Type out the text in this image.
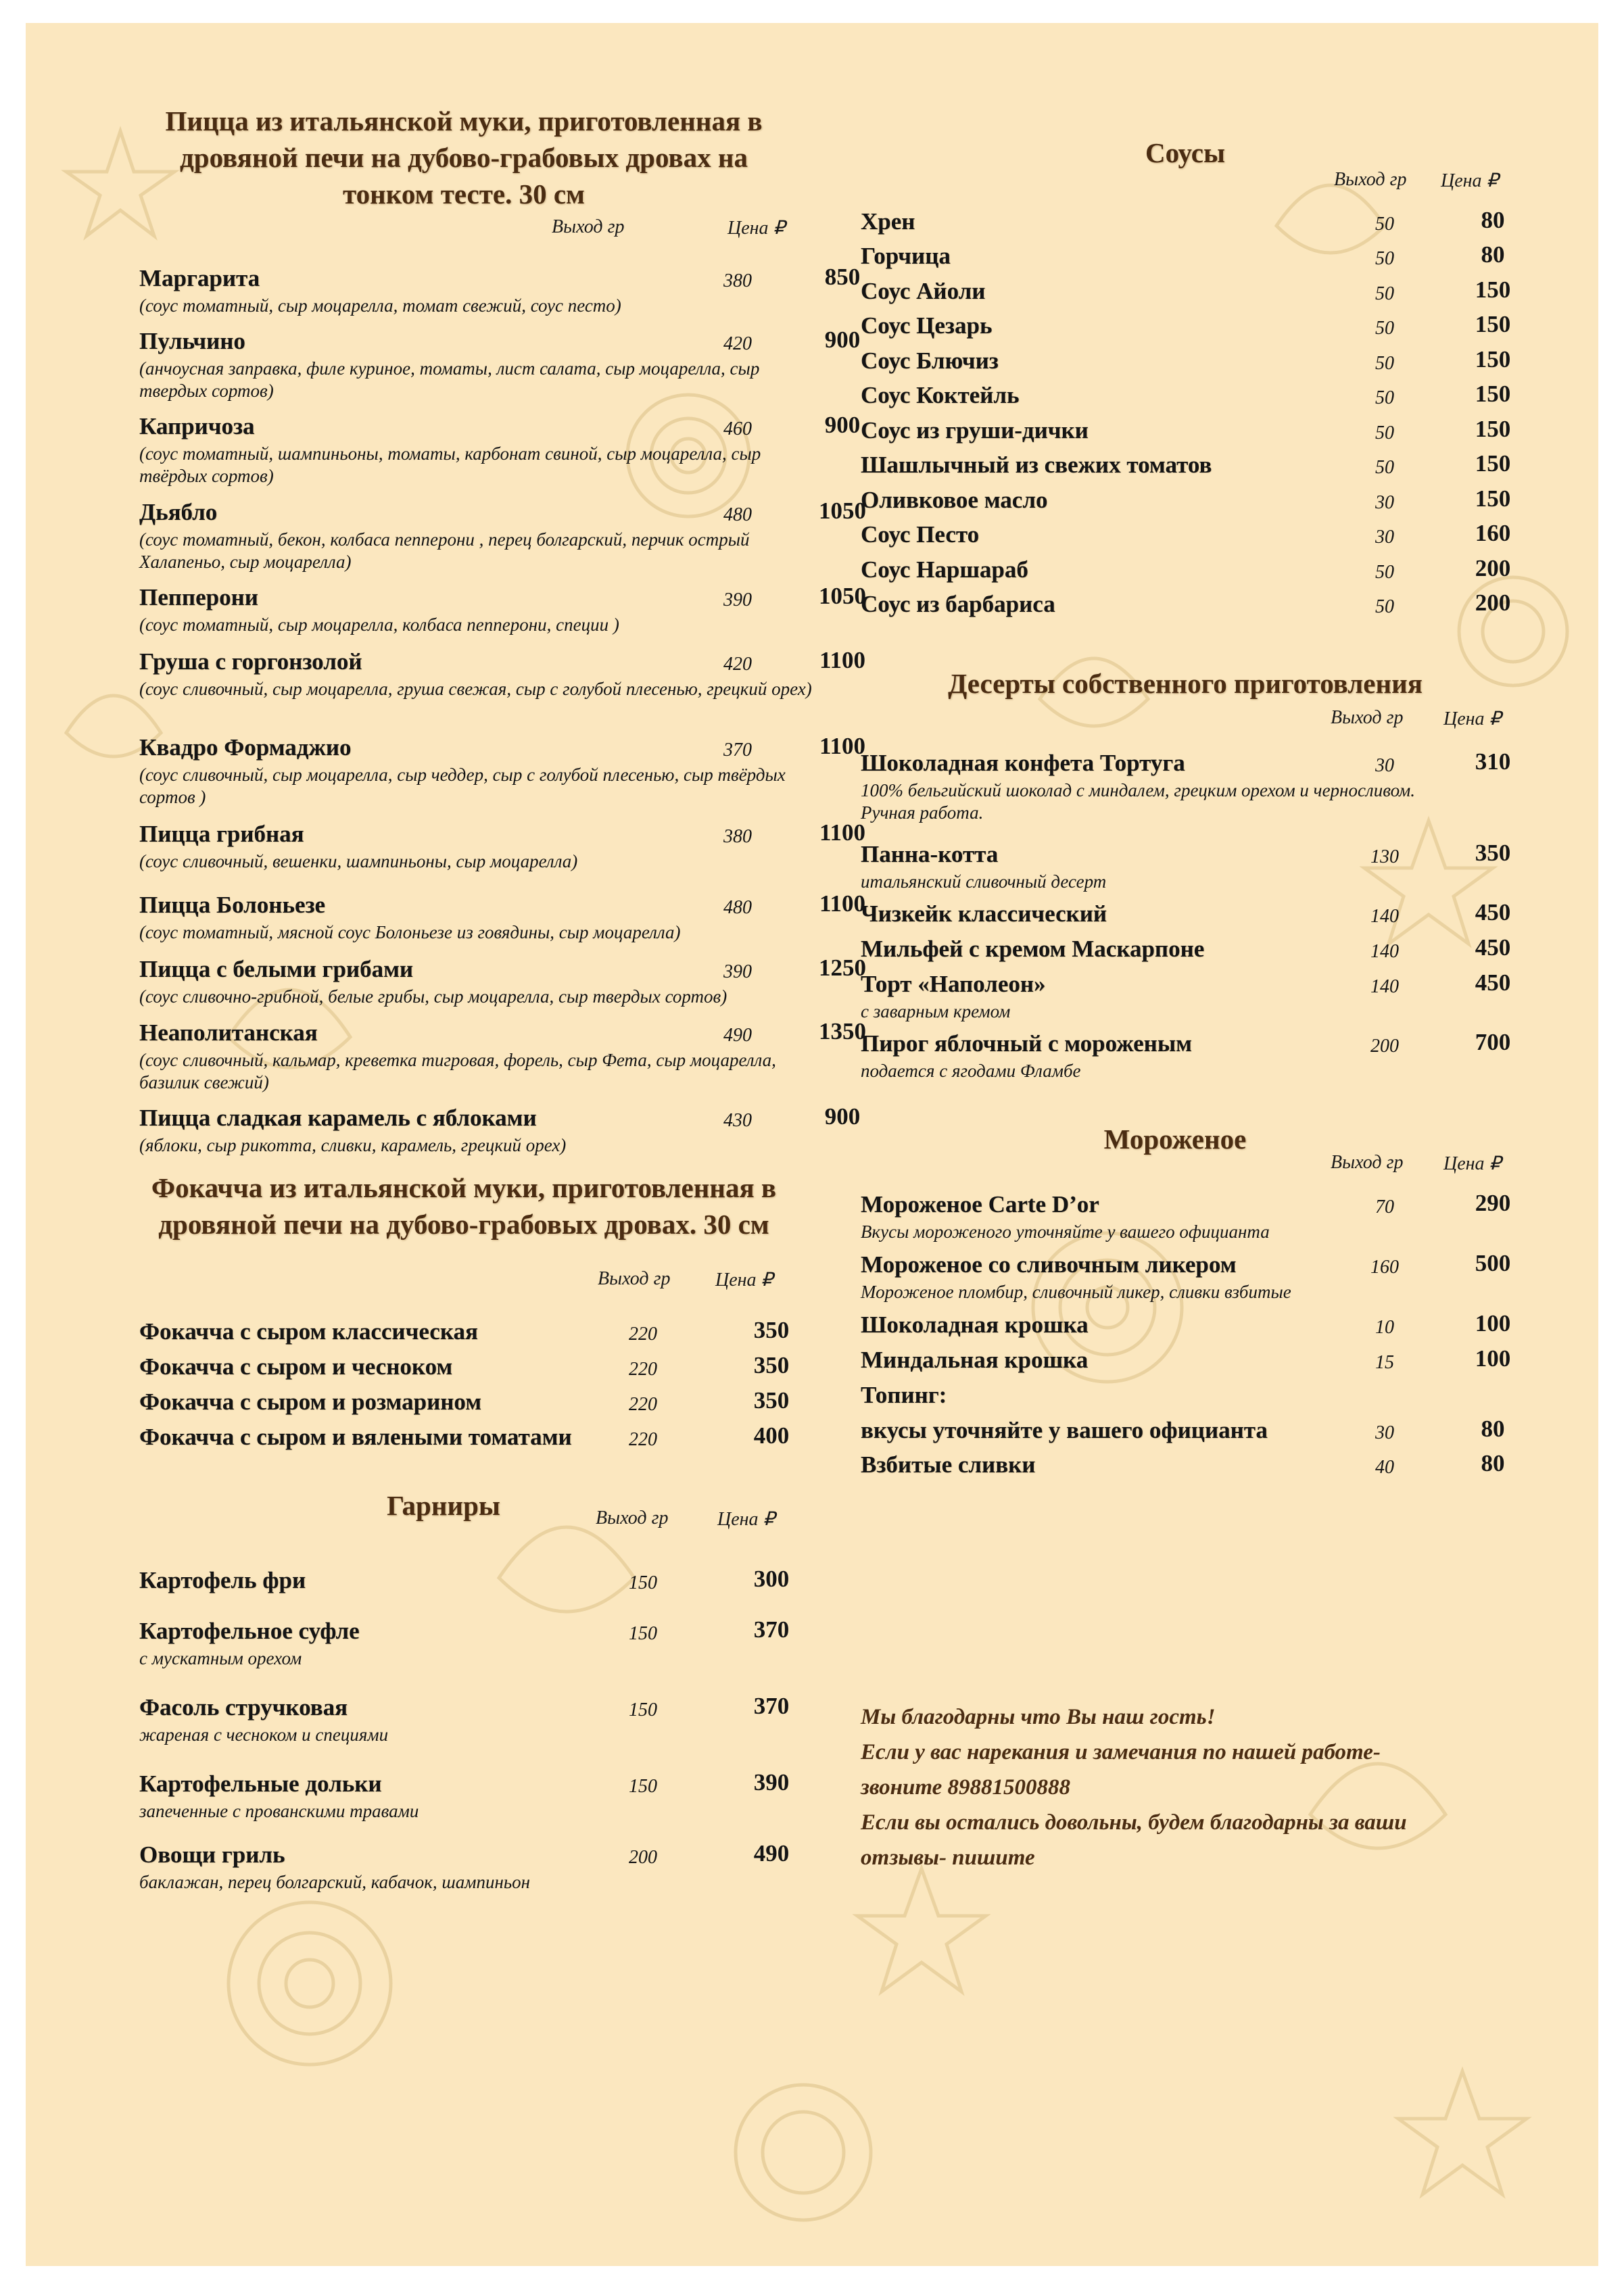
Пицца из итальянской муки, приготовленная в дровяной печи на дубово-грабовых дровах на тонком тесте. 30 см
Выход гр	Цена ₽
Маргарита
(соус томатный, сыр моцарелла, томат свежий, соус песто)
380	850
Пульчино
(анчоусная заправка, филе куриное, томаты, лист салата, сыр моцарелла, сыр твердых сортов)
420	900
Капричоза
(соус томатный, шампиньоны, томаты, карбонат свиной, сыр моцарелла, сыр твёрдых сортов)
460	900
Дьябло
(соус томатный, бекон, колбаса пепперони , перец болгарский, перчик острый Халапеньо, сыр моцарелла)
480	1050
Пепперони
(соус томатный, сыр моцарелла, колбаса пепперони, специи )
390	1050
Груша с горгонзолой
(соус сливочный, сыр моцарелла, груша свежая, сыр с голубой плесенью, грецкий орех)
420	1100
Квадро Формаджио
(соус сливочный, сыр моцарелла, сыр чеддер, сыр с голубой плесенью, сыр твёрдых сортов )
370	1100
Пицца грибная
(соус сливочный, вешенки, шампиньоны, сыр моцарелла)
380	1100
Пицца Болоньезе
(соус томатный, мясной соус Болоньезе из говядины, сыр моцарелла)
480	1100
Пицца с белыми грибами
(соус сливочно-грибной, белые грибы, сыр моцарелла, сыр твердых сортов)
390	1250
Неаполитанская
(соус сливочный, кальмар, креветка тигровая, форель, сыр Фета, сыр моцарелла, базилик свежий)
490	1350
Пицца сладкая карамель с яблоками
(яблоки, сыр рикотта, сливки, карамель, грецкий орех)
430	900
Фокачча из итальянской муки, приготовленная в дровяной печи на дубово-грабовых дровах. 30 см
Выход гр Цена ₽
Фокачча с сыром классическая	220	350
Фокачча с сыром и чесноком	220	350
Фокачча с сыром и розмарином	220	350
Фокачча с сыром и вялеными томатами	220	400
Гарниры	Выход гр	Цена ₽
Картофель фри	150	300
Картофельное суфле
с мускатным орехом
150	370
Фасоль стручковая
жареная с чесноком и специями
150	370
Картофельные дольки
запеченные с прованскими травами
150	390
Овощи гриль
баклажан, перец болгарский, кабачок, шампиньон
200	490
Соусы
Выход гр Цена ₽
Хрен	50	80
Горчица	50	80
Соус Айоли	50	150
Соус Цезарь	50	150
Соус Блючиз	50	150
Соус Коктейль	50	150
Соус из груши-дички	50	150
Шашлычный из свежих томатов	50	150
Оливковое масло	30	150
Соус Песто	30	160
Соус Наршараб	50	200
Соус из барбариса	50	200
Десерты собственного приготовления
Выход гр Цена ₽
Шоколадная конфета Тортуга
100% бельгийский шоколад с миндалем, грецким орехом и черносливом. Ручная работа.
30	310
Панна-котта
итальянский сливочный десерт
130	350
Чизкейк классический	140	450
Мильфей с кремом Маскарпоне	140	450
Торт «Наполеон»
с заварным кремом
140	450
Пирог яблочный с мороженым
подается с ягодами Фламбе
200	700
Мороженое
Выход гр Цена ₽
Мороженое Carte D’or
Вкусы мороженого уточняйте у вашего официанта
70	290
Мороженое со сливочным ликером
Мороженое пломбир, сливочный ликер, сливки взбитые
160	500
Шоколадная крошка	10	100
Миндальная крошка	15	100
Топинг:
вкусы уточняйте у вашего официанта	30	80
Взбитые сливки	40	80
Мы благодарны что Вы наш гость!
Если у вас нарекания и замечания по нашей работе-
звоните 89881500888
Если вы остались довольны, будем благодарны за ваши
отзывы- пишите
